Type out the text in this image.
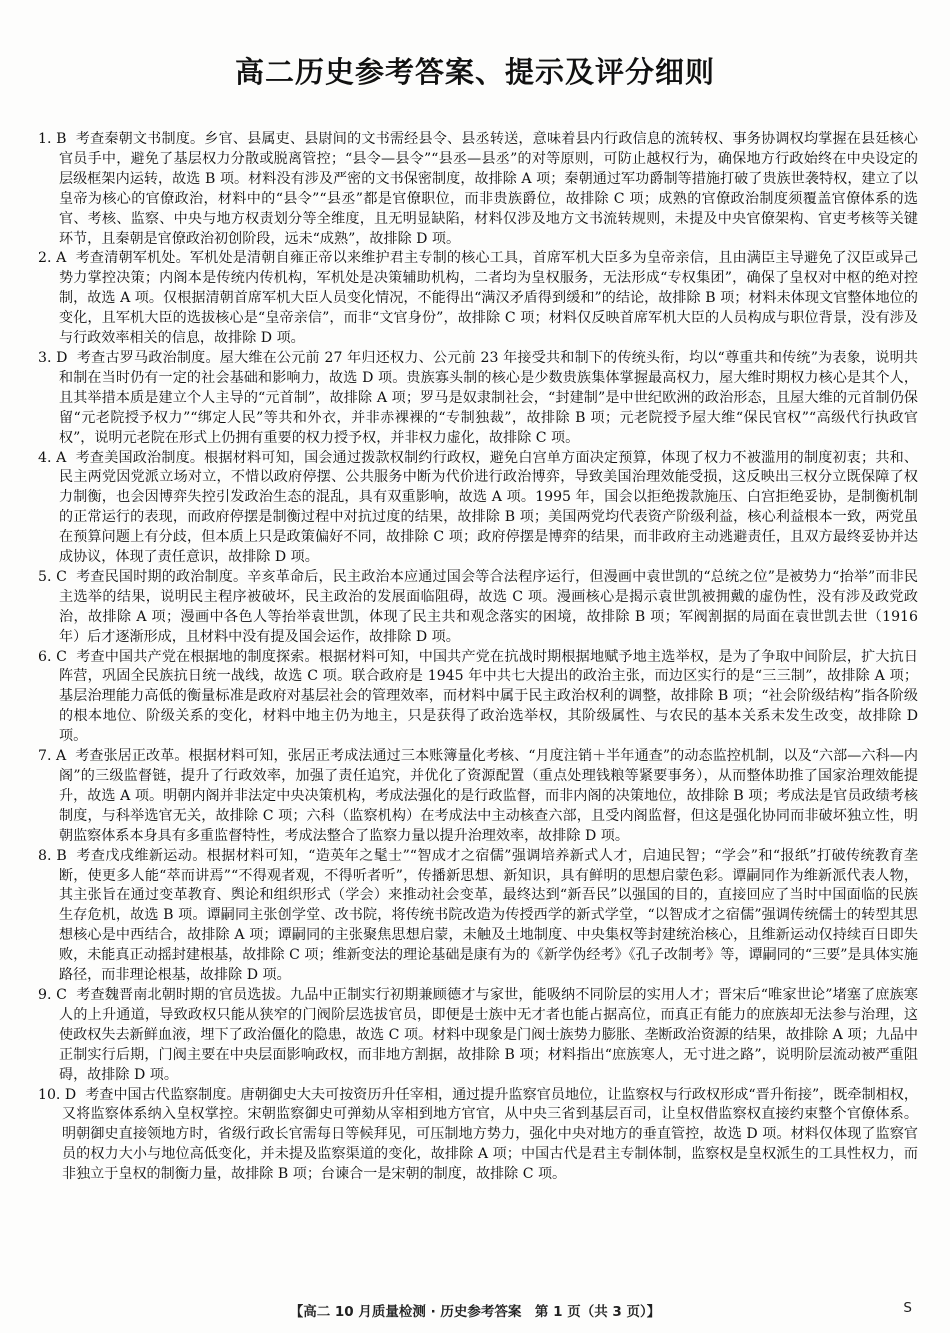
高二历史参考答案、提示及评分细则
1. B 考查秦朝文书制度。乡官、县属吏、县尉间的文书需经县令、县丞转送，意味着县内行政信息的流转权、事务协调权均掌握在县廷核心官员手中，避免了基层权力分散或脱离管控；“县令—县令”“县丞—县丞”的对等原则，可防止越权行为，确保地方行政始终在中央设定的层级框架内运转，故选 B 项。材料没有涉及严密的文书保密制度，故排除 A 项；秦朝通过军功爵制等措施打破了贵族世袭特权，建立了以皇帝为核心的官僚政治，材料中的“县令”“县丞”都是官僚职位，而非贵族爵位，故排除 C 项；成熟的官僚政治制度须覆盖官僚体系的选官、考核、监察、中央与地方权责划分等全维度，且无明显缺陷，材料仅涉及地方文书流转规则，未提及中央官僚架构、官吏考核等关键环节，且秦朝是官僚政治初创阶段，远未“成熟”，故排除 D 项。
2. A 考查清朝军机处。军机处是清朝自雍正帝以来维护君主专制的核心工具，首席军机大臣多为皇帝亲信，且由满臣主导避免了汉臣或异己势力掌控决策；内阁本是传统内传机构，军机处是决策辅助机构，二者均为皇权服务，无法形成“专权集团”，确保了皇权对中枢的绝对控制，故选 A 项。仅根据清朝首席军机大臣人员变化情况，不能得出“满汉矛盾得到缓和”的结论，故排除 B 项；材料未体现文官整体地位的变化，且军机大臣的选拔核心是“皇帝亲信”，而非“文官身份”，故排除 C 项；材料仅反映首席军机大臣的人员构成与职位背景，没有涉及与行政效率相关的信息，故排除 D 项。
3. D 考查古罗马政治制度。屋大维在公元前 27 年归还权力、公元前 23 年接受共和制下的传统头衔，均以“尊重共和传统”为表象，说明共和制在当时仍有一定的社会基础和影响力，故选 D 项。贵族寡头制的核心是少数贵族集体掌握最高权力，屋大维时期权力核心是其个人，且其举措本质是建立个人主导的“元首制”，故排除 A 项；罗马是奴隶制社会，“封建制”是中世纪欧洲的政治形态，且屋大维的元首制仍保留“元老院授予权力”“绑定人民”等共和外衣，并非赤裸裸的“专制独裁”，故排除 B 项；元老院授予屋大维“保民官权”“高级代行执政官权”，说明元老院在形式上仍拥有重要的权力授予权，并非权力虚化，故排除 C 项。
4. A 考查美国政治制度。根据材料可知，国会通过拨款权制约行政权，避免白宫单方面决定预算，体现了权力不被滥用的制度初衷；共和、民主两党因党派立场对立，不惜以政府停摆、公共服务中断为代价进行政治博弈，导致美国治理效能受损，这反映出三权分立既保障了权力制衡，也会因博弈失控引发政治生态的混乱，具有双重影响，故选 A 项。1995 年，国会以拒绝拨款施压、白宫拒绝妥协，是制衡机制的正常运行的表现，而政府停摆是制衡过程中对抗过度的结果，故排除 B 项；美国两党均代表资产阶级利益，核心利益根本一致，两党虽在预算问题上有分歧，但本质上只是政策偏好不同，故排除 C 项；政府停摆是博弈的结果，而非政府主动逃避责任，且双方最终妥协并达成协议，体现了责任意识，故排除 D 项。
5. C 考查民国时期的政治制度。辛亥革命后，民主政治本应通过国会等合法程序运行，但漫画中袁世凯的“总统之位”是被势力“抬举”而非民主选举的结果，说明民主程序被破坏，民主政治的发展面临阻碍，故选 C 项。漫画核心是揭示袁世凯被拥戴的虚伪性，没有涉及政党政治，故排除 A 项；漫画中各色人等抬举袁世凯，体现了民主共和观念落实的困境，故排除 B 项；军阀割据的局面在袁世凯去世（1916 年）后才逐渐形成，且材料中没有提及国会运作，故排除 D 项。
6. C 考查中国共产党在根据地的制度探索。根据材料可知，中国共产党在抗战时期根据地赋予地主选举权，是为了争取中间阶层，扩大抗日阵营，巩固全民族抗日统一战线，故选 C 项。联合政府是 1945 年中共七大提出的政治主张，而边区实行的是“三三制”，故排除 A 项；基层治理能力高低的衡量标准是政府对基层社会的管理效率，而材料中属于民主政治权利的调整，故排除 B 项；“社会阶级结构”指各阶级的根本地位、阶级关系的变化，材料中地主仍为地主，只是获得了政治选举权，其阶级属性、与农民的基本关系未发生改变，故排除 D 项。
7. A 考查张居正改革。根据材料可知，张居正考成法通过三本账簿量化考核、“月度注销＋半年通查”的动态监控机制，以及“六部—六科—内阁”的三级监督链，提升了行政效率，加强了责任追究，并优化了资源配置（重点处理钱粮等紧要事务），从而整体助推了国家治理效能提升，故选 A 项。明朝内阁并非法定中央决策机构，考成法强化的是行政监督，而非内阁的决策地位，故排除 B 项；考成法是官员政绩考核制度，与科举选官无关，故排除 C 项；六科（监察机构）在考成法中主动核查六部，且受内阁监督，但这是强化协同而非破坏独立性，明朝监察体系本身具有多重监督特性，考成法整合了监察力量以提升治理效率，故排除 D 项。
8. B 考查戊戌维新运动。根据材料可知，“造英年之髦士”“智成才之宿儒”强调培养新式人才，启迪民智；“学会”和“报纸”打破传统教育垄断，使更多人能“萃而讲焉”“不得观者观，不得听者听”，传播新思想、新知识，具有鲜明的思想启蒙色彩。谭嗣同作为维新派代表人物，其主张旨在通过变革教育、舆论和组织形式（学会）来推动社会变革，最终达到“新吾民”以强国的目的，直接回应了当时中国面临的民族生存危机，故选 B 项。谭嗣同主张创学堂、改书院，将传统书院改造为传授西学的新式学堂，“以智成才之宿儒”强调传统儒士的转型其思想核心是中西结合，故排除 A 项；谭嗣同的主张聚焦思想启蒙，未触及土地制度、中央集权等封建统治核心，且维新运动仅持续百日即失败，未能真正动摇封建根基，故排除 C 项；维新变法的理论基础是康有为的《新学伪经考》《孔子改制考》等，谭嗣同的“三要”是具体实施路径，而非理论根基，故排除 D 项。
9. C 考查魏晋南北朝时期的官员选拔。九品中正制实行初期兼顾德才与家世，能吸纳不同阶层的实用人才；晋宋后“唯家世论”堵塞了庶族寒人的上升通道，导致政权只能从狭窄的门阀阶层选拔官员，即便是士族中无才者也能占据高位，而真正有能力的庶族却无法参与治理，这使政权失去新鲜血液，埋下了政治僵化的隐患，故选 C 项。材料中现象是门阀士族势力膨胀、垄断政治资源的结果，故排除 A 项；九品中正制实行后期，门阀主要在中央层面影响政权，而非地方割据，故排除 B 项；材料指出“庶族寒人，无寸进之路”，说明阶层流动被严重阻碍，故排除 D 项。
10. D 考查中国古代监察制度。唐朝御史大夫可按资历升任宰相，通过提升监察官员地位，让监察权与行政权形成“晋升衔接”，既牵制相权，又将监察体系纳入皇权掌控。宋朝监察御史可弹劾从宰相到地方官官，从中央三省到基层百司，让皇权借监察权直接约束整个官僚体系。明朝御史直接领地方时，省级行政长官需每日等候拜见，可压制地方势力，强化中央对地方的垂直管控，故选 D 项。材料仅体现了监察官员的权力大小与地位高低变化，并未提及监察渠道的变化，故排除 A 项；中国古代是君主专制体制，监察权是皇权派生的工具性权力，而非独立于皇权的制衡力量，故排除 B 项；台谏合一是宋朝的制度，故排除 C 项。
【高二 10 月质量检测 · 历史参考答案　第 1 页（共 3 页）】	S
